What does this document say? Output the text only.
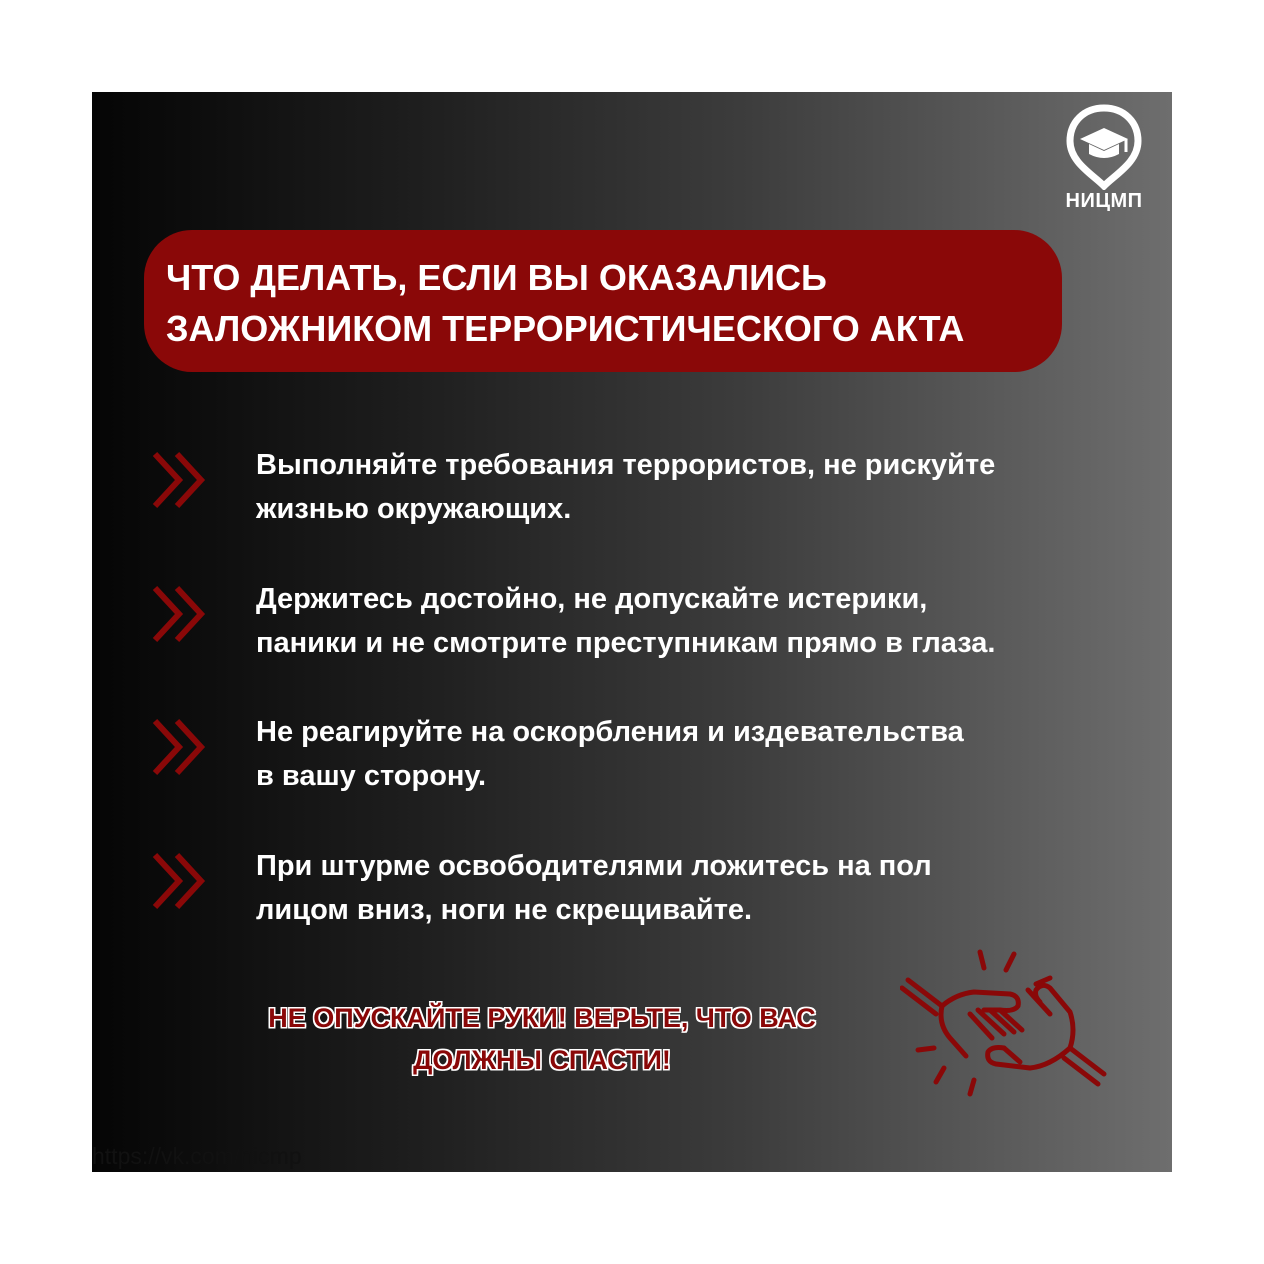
НИЦМП
ЧТО ДЕЛАТЬ, ЕСЛИ ВЫ ОКАЗАЛИСЬ
ЗАЛОЖНИКОМ ТЕРРОРИСТИЧЕСКОГО АКТА
Выполняйте требования террористов, не рискуйте
жизнью окружающих.
Держитесь достойно, не допускайте истерики,
паники и не смотрите преступникам прямо в глаза.
Не реагируйте на оскорбления и издевательства
в вашу сторону.
При штурме освободителями ложитесь на пол
лицом вниз, ноги не скрещивайте.
НЕ ОПУСКАЙТЕ РУКИ! ВЕРЬТЕ, ЧТО ВАС
ДОЛЖНЫ СПАСТИ!
https://vk.com/nicmp
